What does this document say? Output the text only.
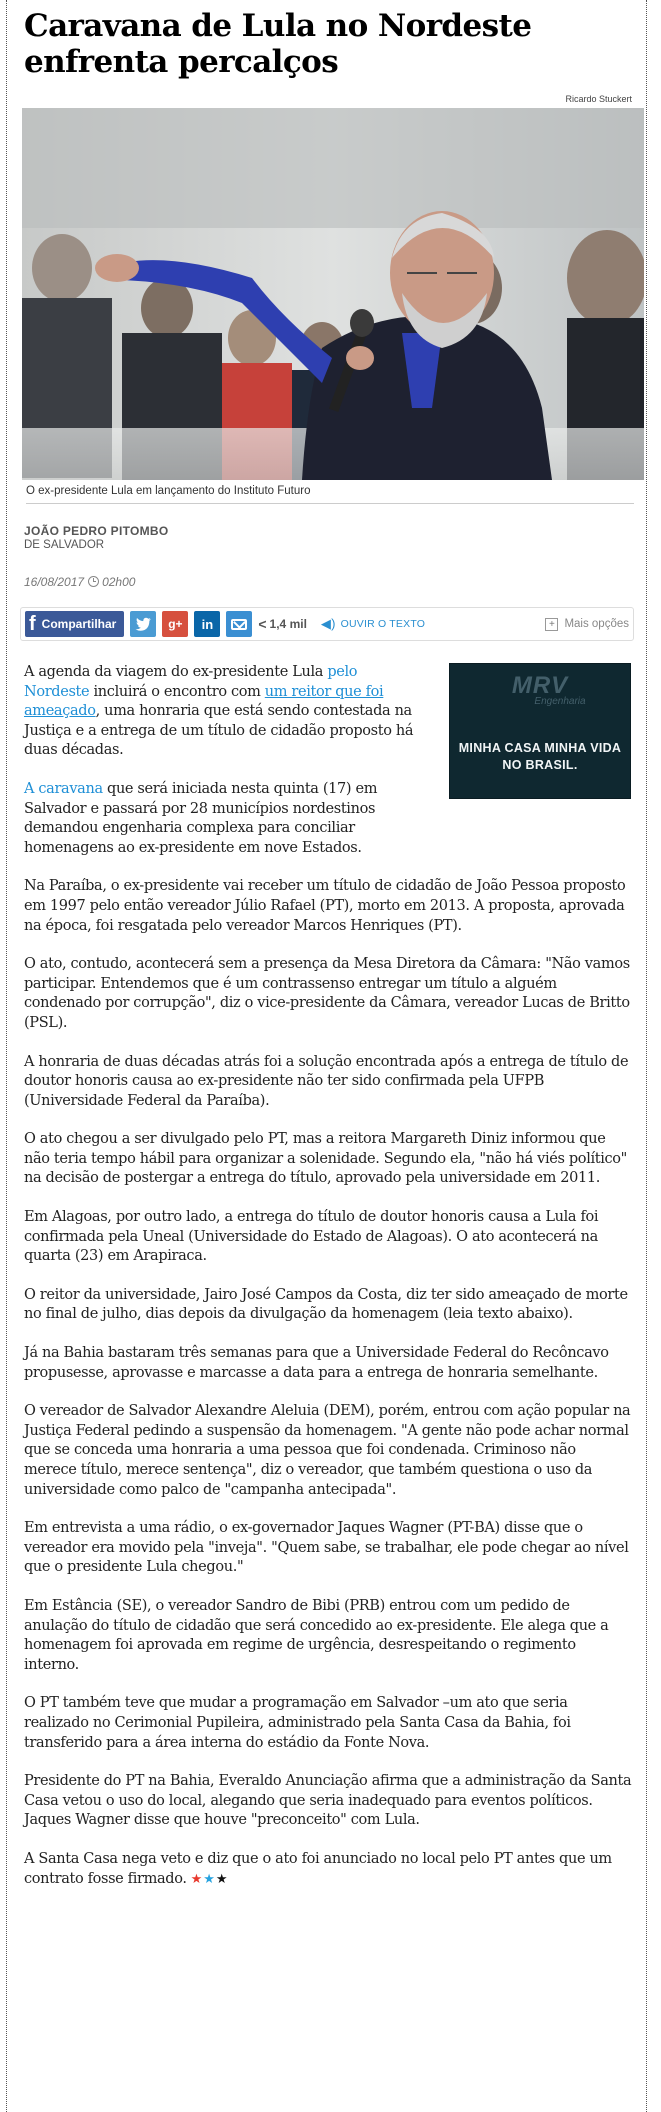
Caravana de Lula no Nordeste enfrenta percalços
Ricardo Stuckert
O ex-presidente Lula em lançamento do Instituto Futuro
JOÃO PEDRO PITOMBO
DE SALVADOR
16/08/2017 02h00
f Compartilhar	g+ in	< 1,4 mil ◀) OUVIR O TEXTO	+ Mais opções
MRV
Engenharia
MINHA CASA MINHA VIDA NO BRASIL.

A agenda da viagem do ex-presidente Lula pelo Nordeste incluirá o encontro com um reitor que foi ameaçado, uma honraria que está sendo contestada na Justiça e a entrega de um título de cidadão proposto há duas décadas.

A caravana que será iniciada nesta quinta (17) em Salvador e passará por 28 municípios nordestinos demandou engenharia complexa para conciliar homenagens ao ex-presidente em nove Estados.

Na Paraíba, o ex-presidente vai receber um título de cidadão de João Pessoa proposto em 1997 pelo então vereador Júlio Rafael (PT), morto em 2013. A proposta, aprovada na época, foi resgatada pelo vereador Marcos Henriques (PT).

O ato, contudo, acontecerá sem a presença da Mesa Diretora da Câmara: "Não vamos participar. Entendemos que é um contrassenso entregar um título a alguém condenado por corrupção", diz o vice-presidente da Câmara, vereador Lucas de Britto (PSL).

A honraria de duas décadas atrás foi a solução encontrada após a entrega de título de doutor honoris causa ao ex-presidente não ter sido confirmada pela UFPB (Universidade Federal da Paraíba).

O ato chegou a ser divulgado pelo PT, mas a reitora Margareth Diniz informou que não teria tempo hábil para organizar a solenidade. Segundo ela, "não há viés político" na decisão de postergar a entrega do título, aprovado pela universidade em 2011.

Em Alagoas, por outro lado, a entrega do título de doutor honoris causa a Lula foi confirmada pela Uneal (Universidade do Estado de Alagoas). O ato acontecerá na quarta (23) em Arapiraca.

O reitor da universidade, Jairo José Campos da Costa, diz ter sido ameaçado de morte no final de julho, dias depois da divulgação da homenagem (leia texto abaixo).

Já na Bahia bastaram três semanas para que a Universidade Federal do Recôncavo propusesse, aprovasse e marcasse a data para a entrega de honraria semelhante.

O vereador de Salvador Alexandre Aleluia (DEM), porém, entrou com ação popular na Justiça Federal pedindo a suspensão da homenagem. "A gente não pode achar normal que se conceda uma honraria a uma pessoa que foi condenada. Criminoso não merece título, merece sentença", diz o vereador, que também questiona o uso da universidade como palco de "campanha antecipada".

Em entrevista a uma rádio, o ex-governador Jaques Wagner (PT-BA) disse que o vereador era movido pela "inveja". "Quem sabe, se trabalhar, ele pode chegar ao nível que o presidente Lula chegou."

Em Estância (SE), o vereador Sandro de Bibi (PRB) entrou com um pedido de anulação do título de cidadão que será concedido ao ex-presidente. Ele alega que a homenagem foi aprovada em regime de urgência, desrespeitando o regimento interno.

O PT também teve que mudar a programação em Salvador –um ato que seria realizado no Cerimonial Pupileira, administrado pela Santa Casa da Bahia, foi transferido para a área interna do estádio da Fonte Nova.

Presidente do PT na Bahia, Everaldo Anunciação afirma que a administração da Santa Casa vetou o uso do local, alegando que seria inadequado para eventos políticos. Jaques Wagner disse que houve "preconceito" com Lula.

A Santa Casa nega veto e diz que o ato foi anunciado no local pelo PT antes que um contrato fosse firmado. ★★★
